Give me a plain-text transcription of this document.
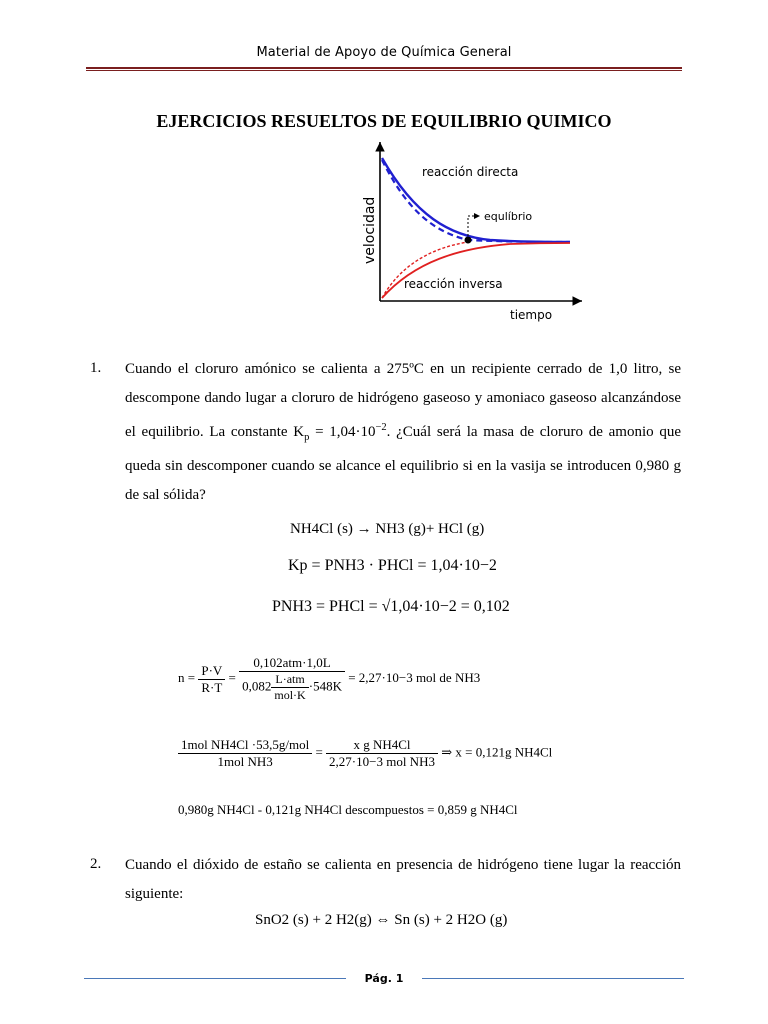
Material de Apoyo de Química General
EJERCICIOS RESUELTOS DE EQUILIBRIO QUIMICO
equlíbrio
reacción directa
reacción inversa
velocidad
tiempo
1. Cuando el cloruro amónico se calienta a 275ºC en un recipiente cerrado de 1,0 litro, se descompone dando lugar a cloruro de hidrógeno gaseoso y amoniaco gaseoso alcanzándose el equilibrio. La constante $K_p = 1,04\cdot 10^{-2}$. ¿Cuál será la masa de cloruro de amonio que queda sin descomponer cuando se alcance el equilibrio si en la vasija se introducen 0,980 g de sal sólida?
NH4Cl (s) → NH3 (g)+ HCl (g)
Kp = PNH3 · PHCl = 1,04·10−2
PNH3 = PHCl = √1,04·10−2 = 0,102
$n = \frac{P\cdot V}{R\cdot T} = \frac{\text{0,102atm·1,0L}}{0,082 \frac{\text{L·atm}}{\text{mol·K}} \cdot 548K} = 2,27\cdot 10-3$ mol de NH3
$\frac{\text{1mol NH4Cl ·53,5g/mol}}{\text{1mol NH3}} = \frac{\text{x g NH4Cl}}{\text{2,27·10−3 mol NH3}}$ ⇒ x = 0,121g NH4Cl
0,980g NH4Cl - 0,121g NH4Cl descompuestos = 0,859 g NH4Cl
2. Cuando el dióxido de estaño se calienta en presencia de hidrógeno tiene lugar la reacción siguiente:
SnO2 (s) + 2 H2(g) ⇔ Sn (s) + 2 H2O (g)
Pág. 1
